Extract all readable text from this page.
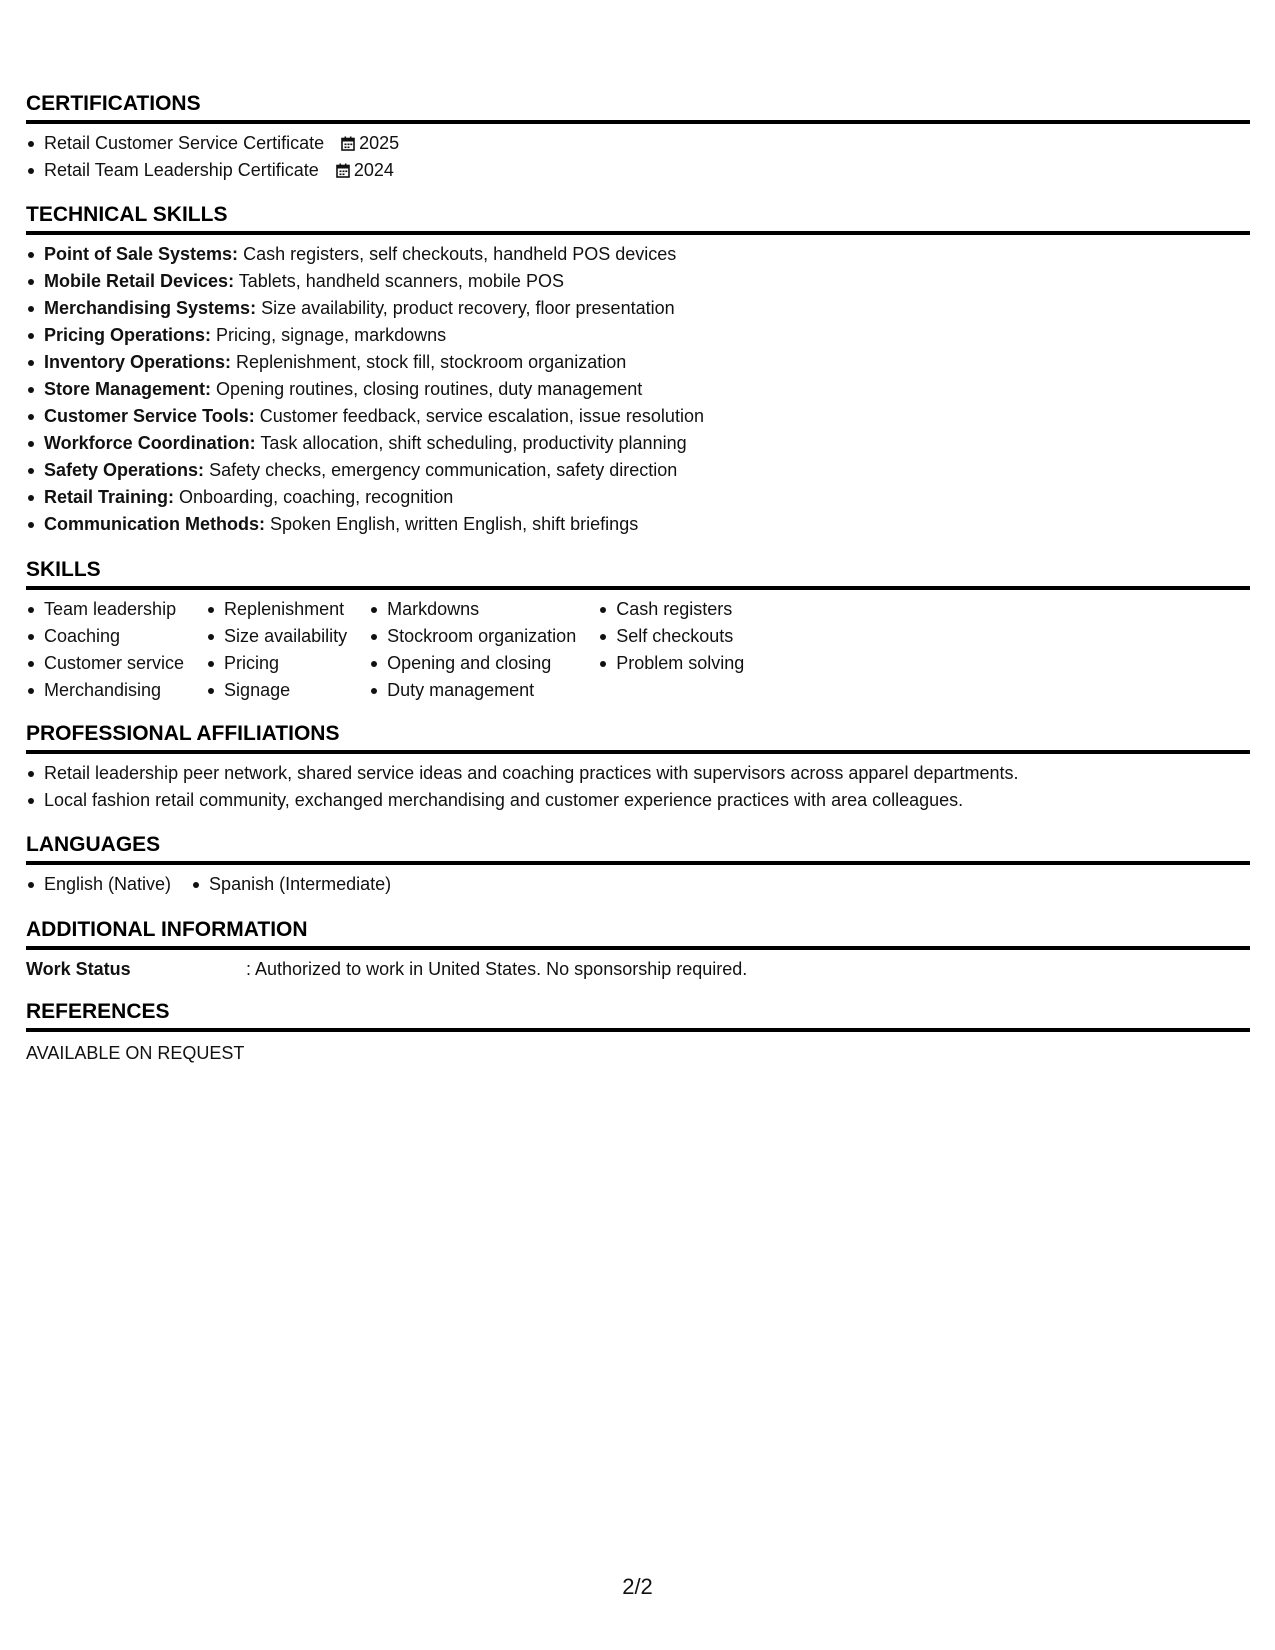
CERTIFICATIONS
Retail Customer Service Certificate 2025
Retail Team Leadership Certificate 2024
TECHNICAL SKILLS
Point of Sale Systems: Cash registers, self checkouts, handheld POS devices
Mobile Retail Devices: Tablets, handheld scanners, mobile POS
Merchandising Systems: Size availability, product recovery, floor presentation
Pricing Operations: Pricing, signage, markdowns
Inventory Operations: Replenishment, stock fill, stockroom organization
Store Management: Opening routines, closing routines, duty management
Customer Service Tools: Customer feedback, service escalation, issue resolution
Workforce Coordination: Task allocation, shift scheduling, productivity planning
Safety Operations: Safety checks, emergency communication, safety direction
Retail Training: Onboarding, coaching, recognition
Communication Methods: Spoken English, written English, shift briefings
SKILLS
Team leadership
Coaching
Customer service
Merchandising
Replenishment
Size availability
Pricing
Signage
Markdowns
Stockroom organization
Opening and closing
Duty management
Cash registers
Self checkouts
Problem solving
PROFESSIONAL AFFILIATIONS
Retail leadership peer network, shared service ideas and coaching practices with supervisors across apparel departments.
Local fashion retail community, exchanged merchandising and customer experience practices with area colleagues.
LANGUAGES
English (Native)	Spanish (Intermediate)
ADDITIONAL INFORMATION
Work Status	: Authorized to work in United States. No sponsorship required.
REFERENCES
AVAILABLE ON REQUEST
2/2
